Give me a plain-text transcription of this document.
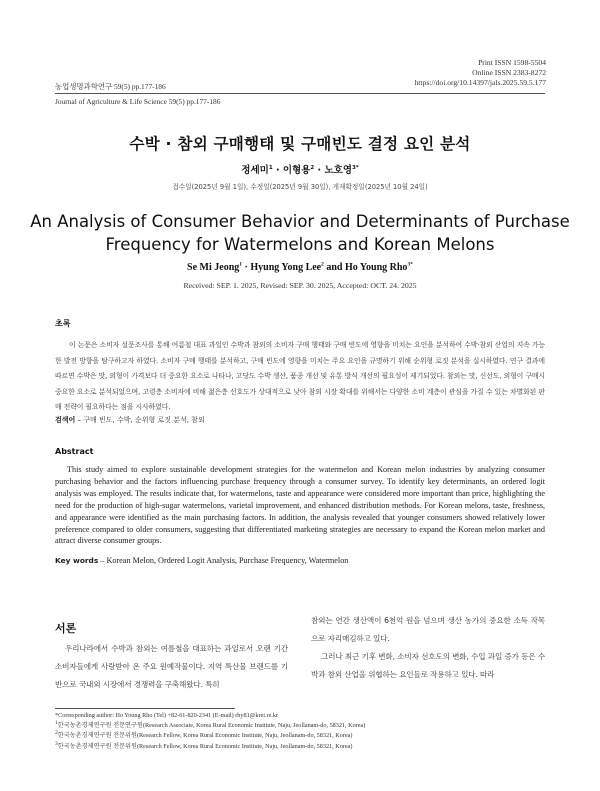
Print ISSN 1598-5504
Online ISSN 2383-8272
https://doi.org/10.14397/jals.2025.59.5.177
농업생명과학연구 59(5) pp.177-186
Journal of Agriculture & Life Science 59(5) pp.177-186
수박 · 참외 구매행태 및 구매빈도 결정 요인 분석
정세미$^1$ · 이형용$^2$ · 노호영$^{3*}$
접수일(2025년 9월 1일), 수정일(2025년 9월 30일), 게재확정일(2025년 10월 24일)
An Analysis of Consumer Behavior and Determinants of Purchase
Frequency for Watermelons and Korean Melons
Se Mi Jeong$^1$ · Hyung Yong Lee$^2$ and Ho Young Rho$^{3*}$
Received: SEP. 1. 2025, Revised: SEP. 30. 2025, Accepted: OCT. 24. 2025
초록
이 논문은 소비자 설문조사를 통해 여름철 대표 과일인 수박과 참외의 소비자 구매 행태와 구매 빈도에 영향을 미치는 요인을 분석하여 수박·참외 산업의 지속 가능한 발전 방향을 탐구하고자 하였다. 소비자 구매 행태를 분석하고, 구매 빈도에 영향을 미치는 주요 요인을 규명하기 위해 순위형 로짓 분석을 실시하였다. 연구 결과에 따르면 수박은 맛, 외형이 가격보다 더 중요한 요소로 나타나, 고당도 수박 생산, 품종 개선 및 유통 방식 개선의 필요성이 제기되었다. 참외는 맛, 신선도, 외형이 구매시 중요한 요소로 분석되었으며, 고령층 소비자에 비해 젊은층 선호도가 상대적으로 낮아 참외 시장 확대를 위해서는 다양한 소비 계층이 관심을 가질 수 있는 차별화된 판매 전략이 필요하다는 점을 시사하였다.
검색어 – 구매 빈도, 수박, 순위형 로짓 분석, 참외
Abstract
This study aimed to explore sustainable development strategies for the watermelon and Korean melon industries by analyzing consumer purchasing behavior and the factors influencing purchase frequency through a consumer survey. To identify key determinants, an ordered logit analysis was employed. The results indicate that, for watermelons, taste and appearance were considered more important than price, highlighting the need for the production of high-sugar watermelons, varietal improvement, and enhanced distribution methods. For Korean melons, taste, freshness, and appearance were identified as the main purchasing factors. In addition, the analysis revealed that younger consumers showed relatively lower preference compared to older consumers, suggesting that differentiated marketing strategies are necessary to expand the Korean melon market and attract diverse consumer groups.
Key words – Korean Melon, Ordered Logit Analysis, Purchase Frequency, Watermelon
서론
우리나라에서 수박과 참외는 여름철을 대표하는 과일로서 오랜 기간 소비자들에게 사랑받아 온 주요 원예작물이다. 지역 특산물 브랜드를 기반으로 국내외 시장에서 경쟁력을 구축해왔다. 특히

참외는 연간 생산액이 6천억 원을 넘으며 생산 농가의 중요한 소득 작목으로 자리매김하고 있다.

그러나 최근 기후 변화, 소비자 선호도의 변화, 수입 과일 증가 등은 수박과 참외 산업을 위협하는 요인들로 작용하고 있다. 따라

*Corresponding author: Ho Young Rho (Tel) +82-61-820-2341 (E-mail) rhy81@krei.re.kr
$^1$한국농촌경제연구원 전문연구원(Research Associate, Korea Rural Economic Institute, Naju, Jeollanam-do, 58321, Korea)
$^2$한국농촌경제연구원 전문위원(Research Fellow, Korea Rural Economic Institute, Naju, Jeollanam-do, 58321, Korea)
$^3$한국농촌경제연구원 전문위원(Research Fellow, Korea Rural Economic Institute, Naju, Jeollanam-do, 58321, Korea)
